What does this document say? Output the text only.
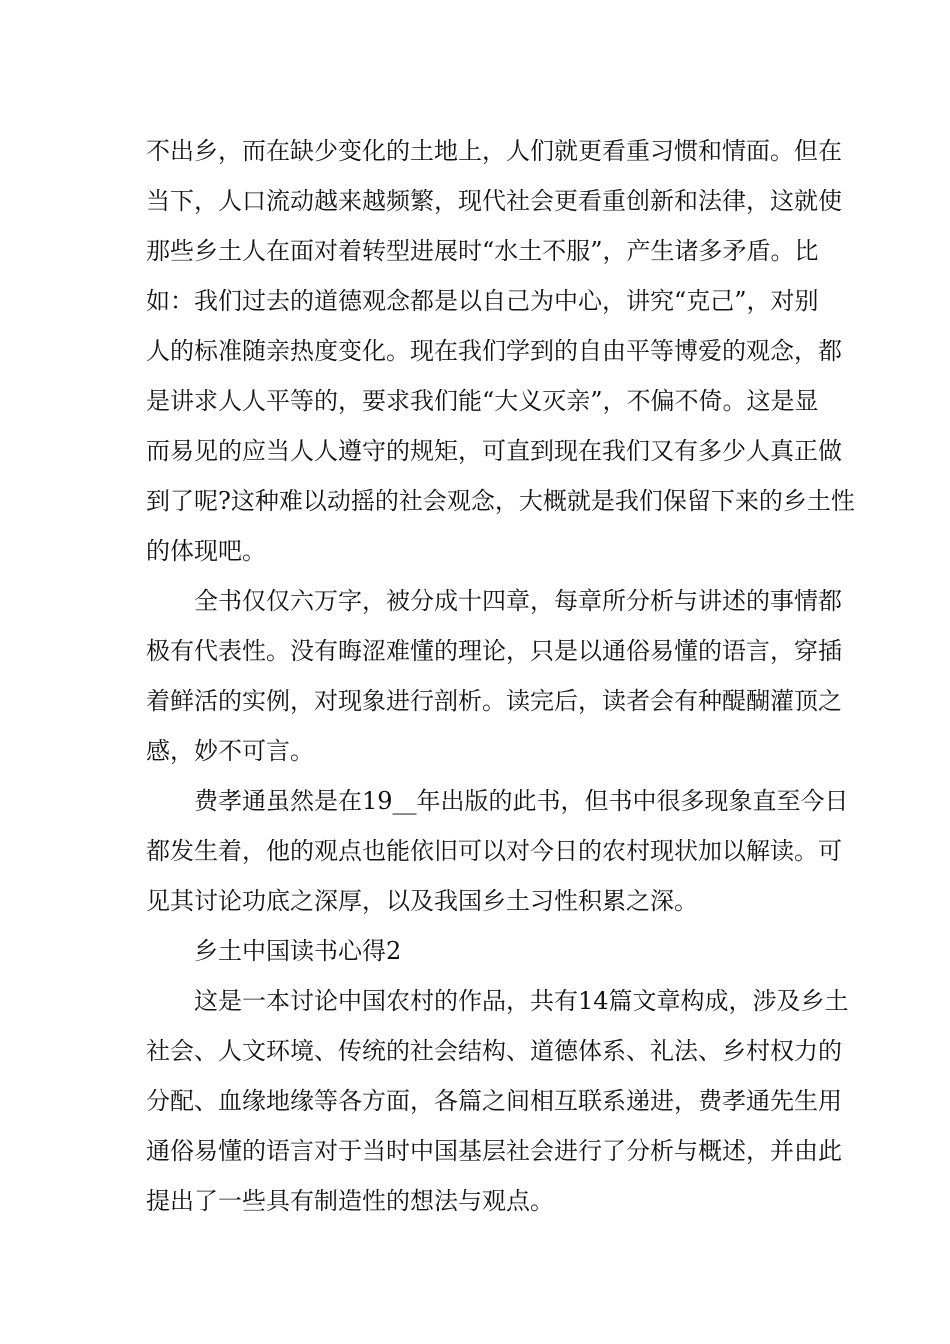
不出乡，而在缺少变化的土地上，人们就更看重习惯和情面。但在
当下，人口流动越来越频繁，现代社会更看重创新和法律，这就使
那些乡土人在面对着转型进展时“水土不服”，产生诸多矛盾。比
如：我们过去的道德观念都是以自己为中心，讲究“克己”，对别
人的标准随亲热度变化。现在我们学到的自由平等博爱的观念，都
是讲求人人平等的，要求我们能“大义灭亲”，不偏不倚。这是显
而易见的应当人人遵守的规矩，可直到现在我们又有多少人真正做
到了呢?这种难以动摇的社会观念，大概就是我们保留下来的乡土性
的体现吧。
全书仅仅六万字，被分成十四章，每章所分析与讲述的事情都
极有代表性。没有晦涩难懂的理论，只是以通俗易懂的语言，穿插
着鲜活的实例，对现象进行剖析。读完后，读者会有种醍醐灌顶之
感，妙不可言。
费孝通虽然是在19__年出版的此书，但书中很多现象直至今日
都发生着，他的观点也能依旧可以对今日的农村现状加以解读。可
见其讨论功底之深厚，以及我国乡土习性积累之深。
乡土中国读书心得2
这是一本讨论中国农村的作品，共有14篇文章构成，涉及乡土
社会、人文环境、传统的社会结构、道德体系、礼法、乡村权力的
分配、血缘地缘等各方面，各篇之间相互联系递进，费孝通先生用
通俗易懂的语言对于当时中国基层社会进行了分析与概述，并由此
提出了一些具有制造性的想法与观点。
